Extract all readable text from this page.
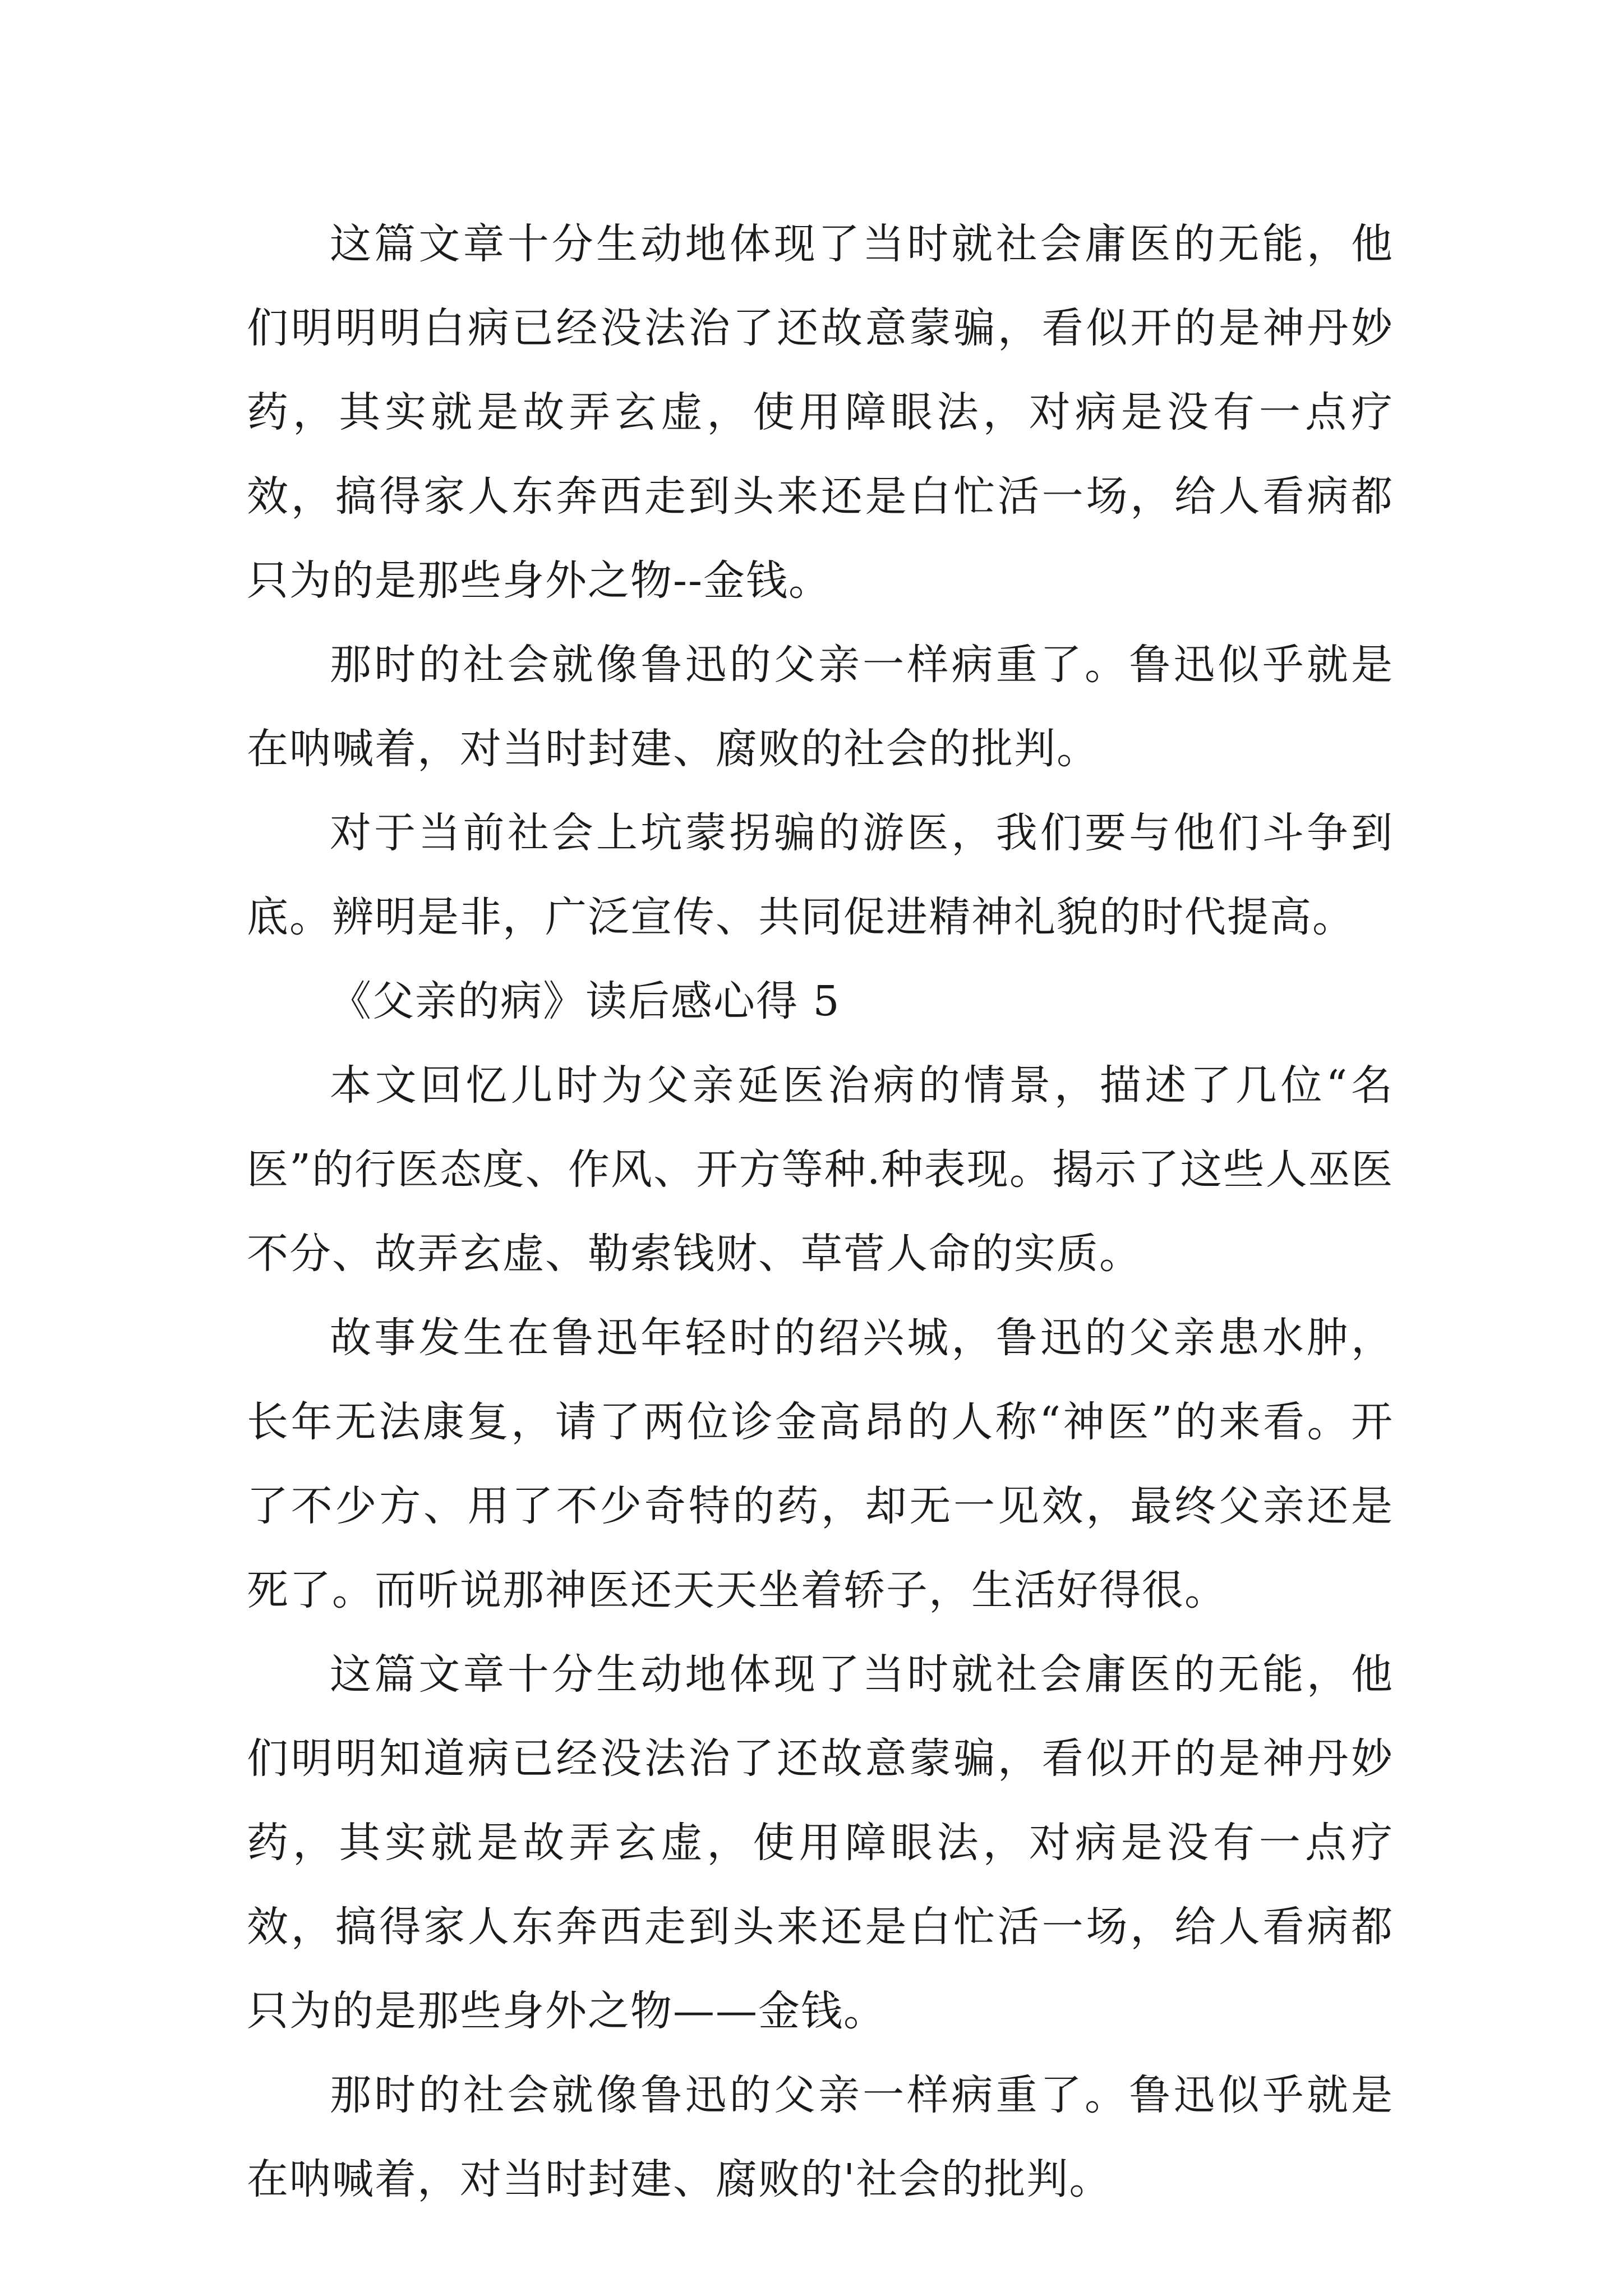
这篇文章十分生动地体现了当时就社会庸医的无能，他们明明明白病已经没法治了还故意蒙骗，看似开的是神丹妙药，其实就是故弄玄虚，使用障眼法，对病是没有一点疗效，搞得家人东奔西走到头来还是白忙活一场，给人看病都只为的是那些身外之物--金钱。

那时的社会就像鲁迅的父亲一样病重了。鲁迅似乎就是在呐喊着，对当时封建、腐败的社会的批判。

对于当前社会上坑蒙拐骗的游医，我们要与他们斗争到底。辨明是非，广泛宣传、共同促进精神礼貌的时代提高。

《父亲的病》读后感心得 5

本文回忆儿时为父亲延医治病的情景，描述了几位“名医”的行医态度、作风、开方等种.种表现。揭示了这些人巫医不分、故弄玄虚、勒索钱财、草菅人命的实质。

故事发生在鲁迅年轻时的绍兴城，鲁迅的父亲患水肿，长年无法康复，请了两位诊金高昂的人称“神医”的来看。开了不少方、用了不少奇特的药，却无一见效，最终父亲还是死了。而听说那神医还天天坐着轿子，生活好得很。

这篇文章十分生动地体现了当时就社会庸医的无能，他们明明知道病已经没法治了还故意蒙骗，看似开的是神丹妙药，其实就是故弄玄虚，使用障眼法，对病是没有一点疗效，搞得家人东奔西走到头来还是白忙活一场，给人看病都只为的是那些身外之物——金钱。

那时的社会就像鲁迅的父亲一样病重了。鲁迅似乎就是在呐喊着，对当时封建、腐败的'社会的批判。
